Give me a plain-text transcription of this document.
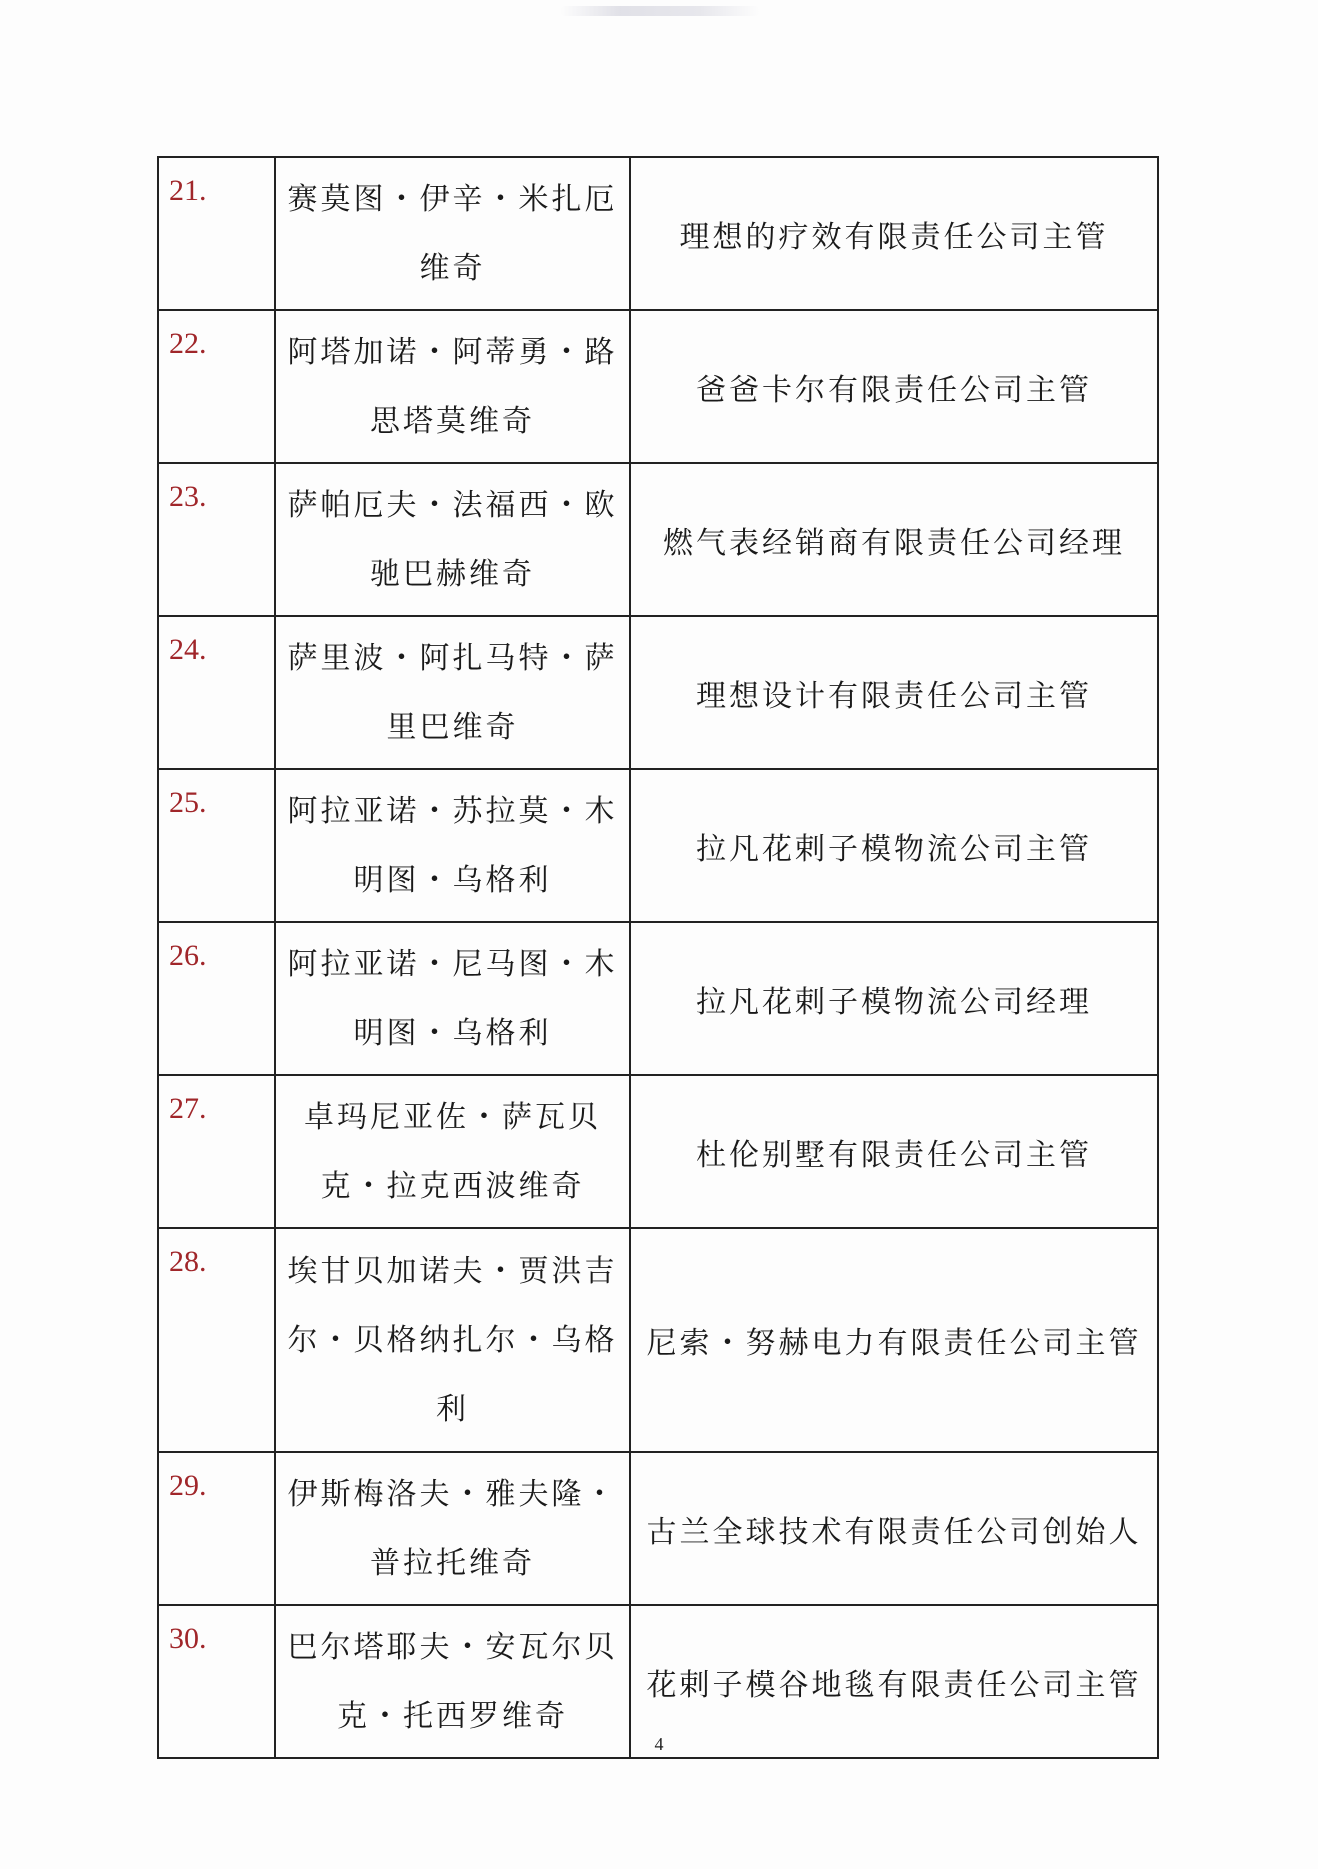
21.	赛莫图・伊辛・米扎厄维奇	理想的疗效有限责任公司主管
22.	阿塔加诺・阿蒂勇・路思塔莫维奇	爸爸卡尔有限责任公司主管
23.	萨帕厄夫・法福西・欧驰巴赫维奇	燃气表经销商有限责任公司经理
24.	萨里波・阿扎马特・萨里巴维奇	理想设计有限责任公司主管
25.	阿拉亚诺・苏拉莫・木明图・乌格利	拉凡花剌子模物流公司主管
26.	阿拉亚诺・尼马图・木明图・乌格利	拉凡花剌子模物流公司经理
27.	卓玛尼亚佐・萨瓦贝克・拉克西波维奇	杜伦别墅有限责任公司主管
28.	埃甘贝加诺夫・贾洪吉尔・贝格纳扎尔・乌格利	尼索・努赫电力有限责任公司主管
29.	伊斯梅洛夫・雅夫隆・普拉托维奇	古兰全球技术有限责任公司创始人
30.	巴尔塔耶夫・安瓦尔贝克・托西罗维奇	花剌子模谷地毯有限责任公司主管
4
